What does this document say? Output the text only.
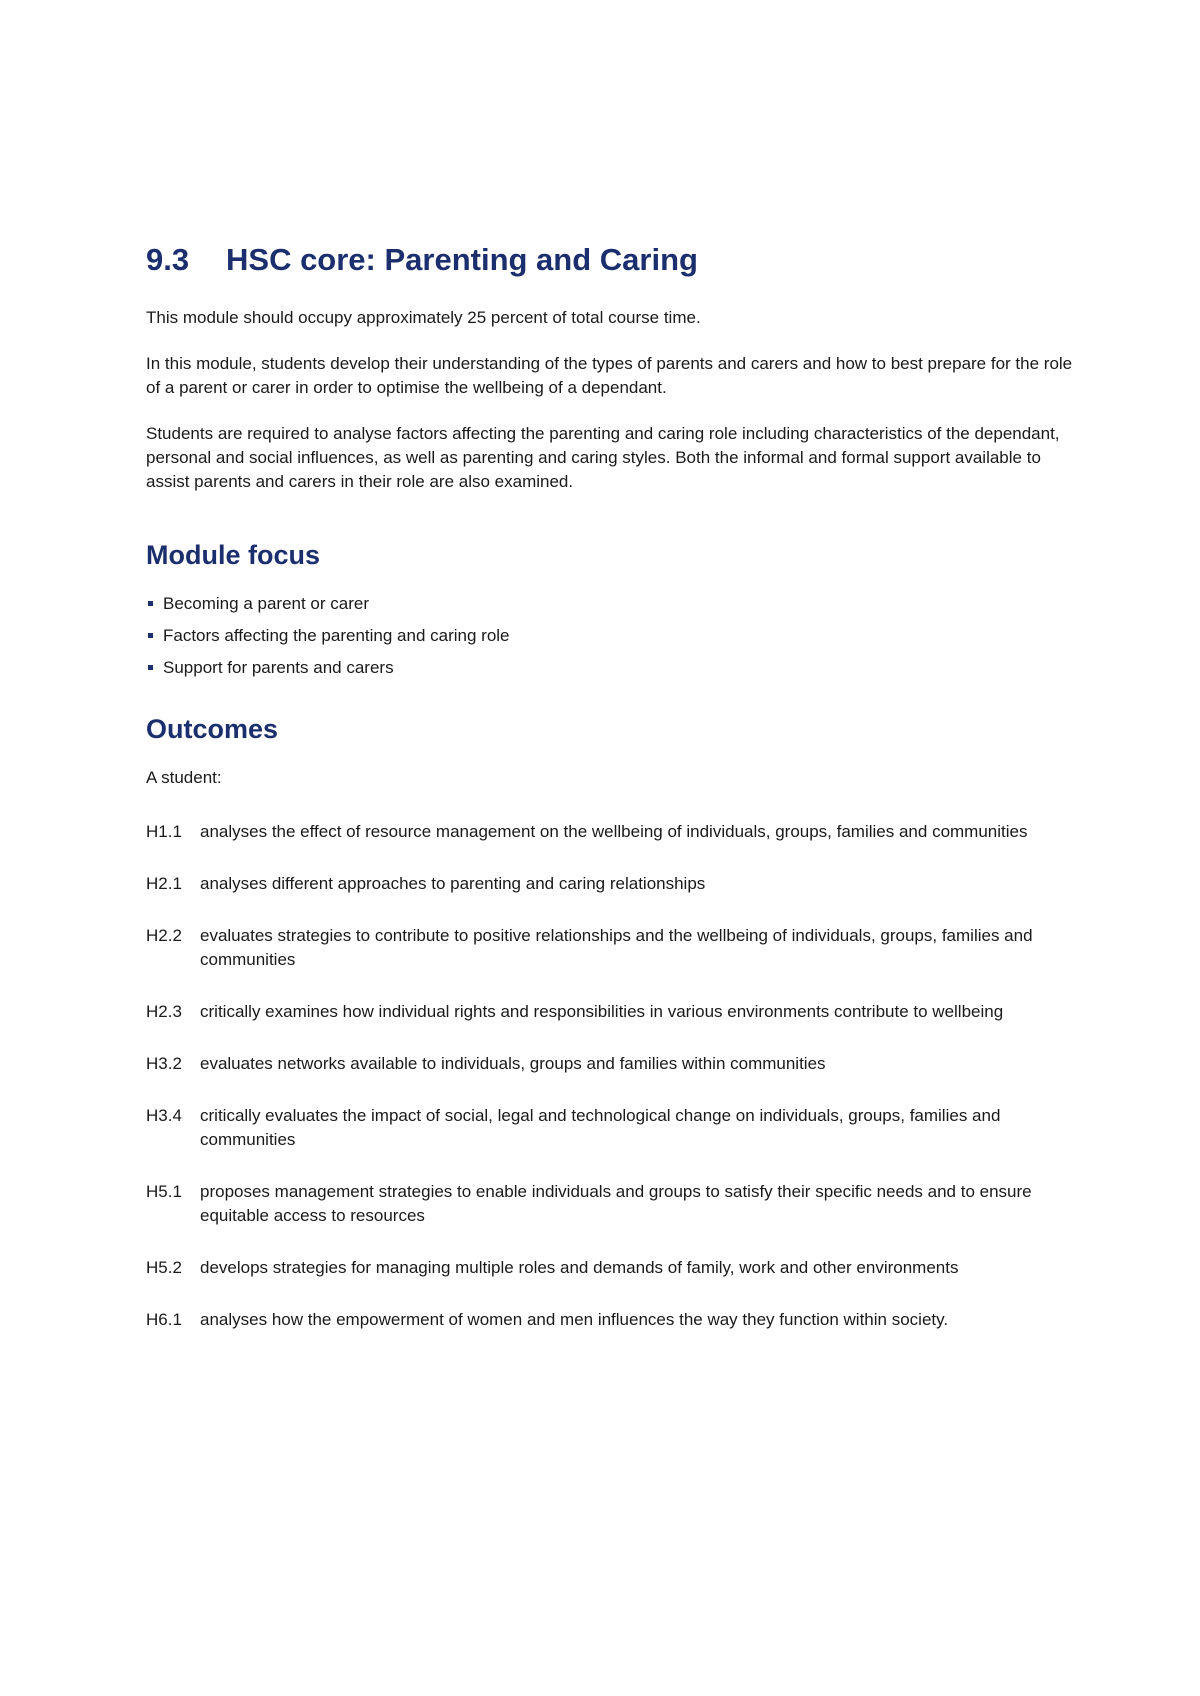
9.3	HSC core: Parenting and Caring

This module should occupy approximately 25 percent of total course time.

In this module, students develop their understanding of the types of parents and carers and how to best prepare for the role of a parent or carer in order to optimise the wellbeing of a dependant.

Students are required to analyse factors affecting the parenting and caring role including characteristics of the dependant, personal and social influences, as well as parenting and caring styles. Both the informal and formal support available to assist parents and carers in their role are also examined.

Module focus
Becoming a parent or carer
Factors affecting the parenting and caring role
Support for parents and carers
Outcomes

A student:

H1.1	analyses the effect of resource management on the wellbeing of individuals, groups, families and communities
H2.1	analyses different approaches to parenting and caring relationships
H2.2	evaluates strategies to contribute to positive relationships and the wellbeing of individuals, groups, families and communities
H2.3	critically examines how individual rights and responsibilities in various environments contribute to wellbeing
H3.2	evaluates networks available to individuals, groups and families within communities
H3.4	critically evaluates the impact of social, legal and technological change on individuals, groups, families and communities
H5.1	proposes management strategies to enable individuals and groups to satisfy their specific needs and to ensure equitable access to resources
H5.2	develops strategies for managing multiple roles and demands of family, work and other environments
H6.1	analyses how the empowerment of women and men influences the way they function within society.
